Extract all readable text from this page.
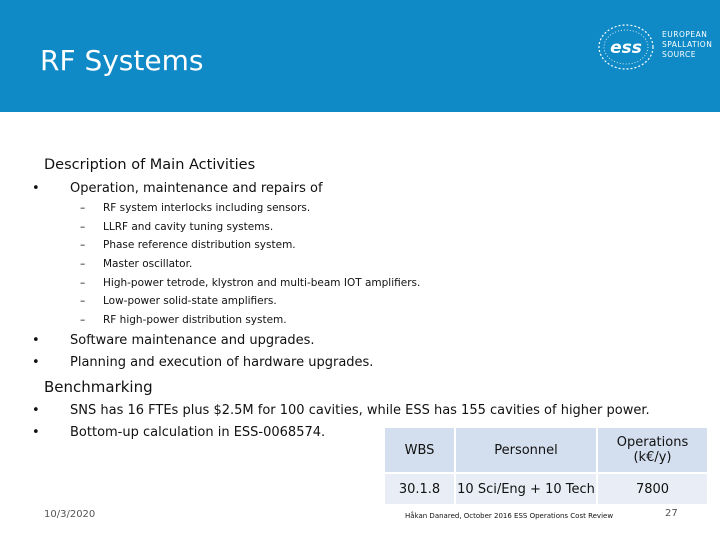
RF Systems	ess
EUROPEAN
SPALLATION
SOURCE
Description of Main Activities
• Operation, maintenance and repairs of
– RF system interlocks including sensors.
– LLRF and cavity tuning systems.
– Phase reference distribution system.
– Master oscillator.
– High-power tetrode, klystron and multi-beam IOT amplifiers.
– Low-power solid-state amplifiers.
– RF high-power distribution system.
• Software maintenance and upgrades.
• Planning and execution of hardware upgrades.
Benchmarking
• SNS has 16 FTEs plus $2.5M for 100 cavities, while ESS has 155 cavities of higher power.
• Bottom-up calculation in ESS-0068574.
WBS	Personnel	Operations (k€/y)
30.1.8	10 Sci/Eng + 10 Tech	7800
10/3/2020	Håkan Danared, October 2016 ESS Operations Cost Review	27
